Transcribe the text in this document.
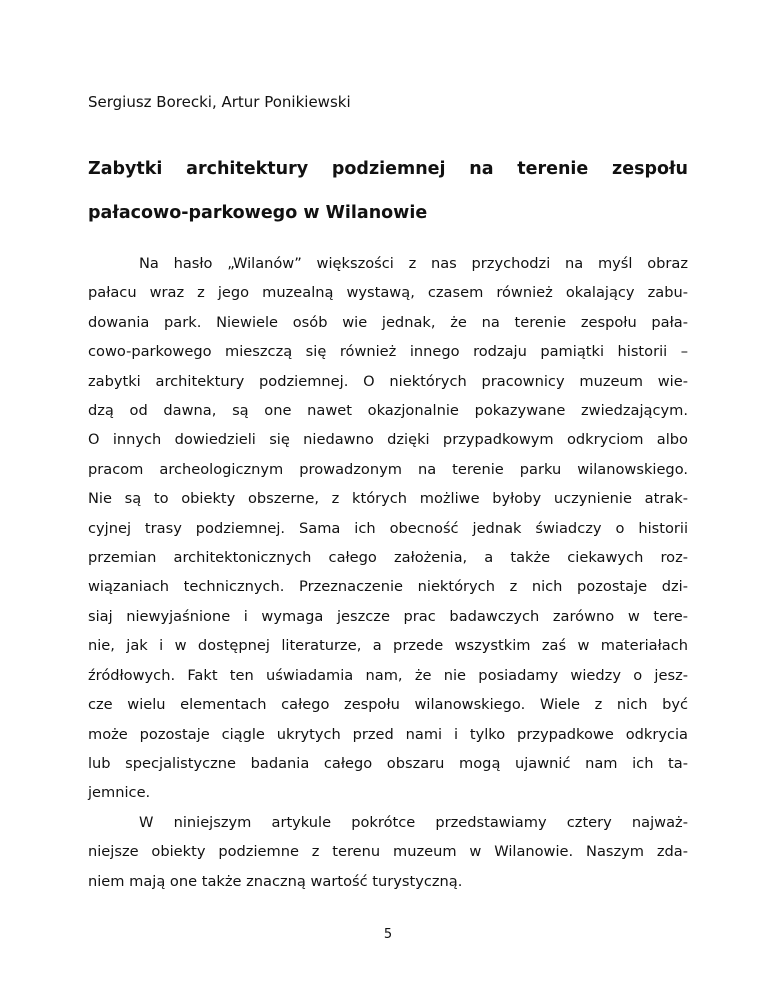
Sergiusz Borecki, Artur Ponikiewski
Zabytki architektury podziemnej na terenie zespołu
pałacowo-parkowego w Wilanowie

Na hasło „Wilanów” większości z nas przychodzi na myśl obraz
pałacu wraz z jego muzealną wystawą, czasem również okalający zabu-
dowania park. Niewiele osób wie jednak, że na terenie zespołu pała-
cowo-parkowego mieszczą się również innego rodzaju pamiątki historii –
zabytki architektury podziemnej. O niektórych pracownicy muzeum wie-
dzą od dawna, są one nawet okazjonalnie pokazywane zwiedzającym.
O innych dowiedzieli się niedawno dzięki przypadkowym odkryciom albo
pracom archeologicznym prowadzonym na terenie parku wilanowskiego.
Nie są to obiekty obszerne, z których możliwe byłoby uczynienie atrak-
cyjnej trasy podziemnej. Sama ich obecność jednak świadczy o historii
przemian architektonicznych całego założenia, a także ciekawych roz-
wiązaniach technicznych. Przeznaczenie niektórych z nich pozostaje dzi-
siaj niewyjaśnione i wymaga jeszcze prac badawczych zarówno w tere-
nie, jak i w dostępnej literaturze, a przede wszystkim zaś w materiałach
źródłowych. Fakt ten uświadamia nam, że nie posiadamy wiedzy o jesz-
cze wielu elementach całego zespołu wilanowskiego. Wiele z nich być
może pozostaje ciągle ukrytych przed nami i tylko przypadkowe odkrycia
lub specjalistyczne badania całego obszaru mogą ujawnić nam ich ta-
jemnice.

W niniejszym artykule pokrótce przedstawiamy cztery najważ-
niejsze obiekty podziemne z terenu muzeum w Wilanowie. Naszym zda-
niem mają one także znaczną wartość turystyczną.

5
